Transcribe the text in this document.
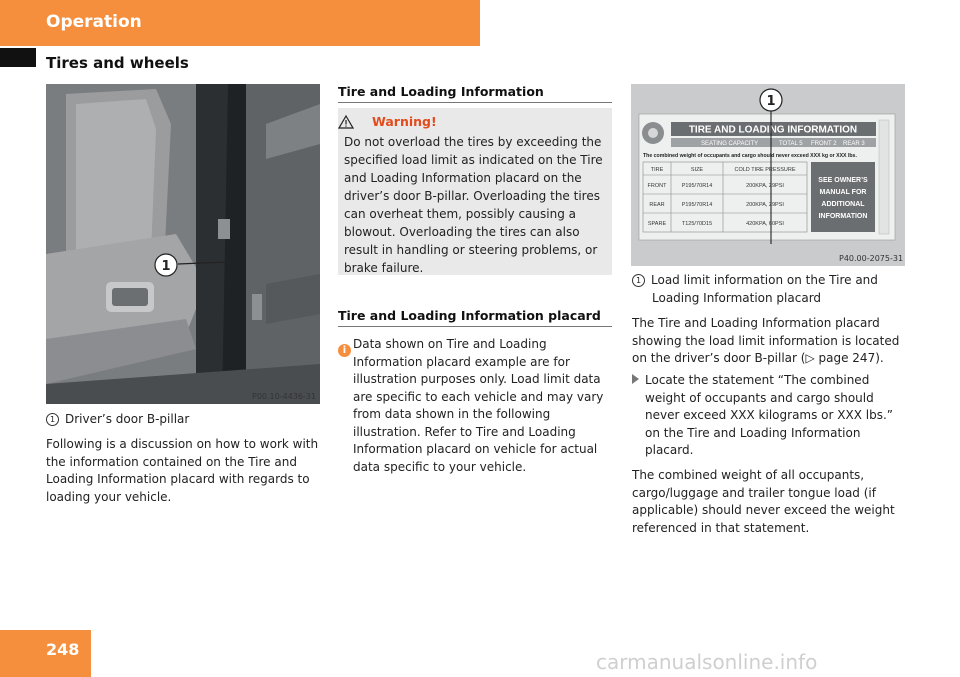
Operation
Tires and wheels
1
P00.10-4436-31
1 Driver’s door B-pillar
Following is a discussion on how to work with
the information contained on the Tire and
Loading Information placard with regards to
loading your vehicle.
Tire and Loading Information
Warning!
Do not overload the tires by exceeding the
specified load limit as indicated on the Tire
and Loading Information placard on the
driver’s door B-pillar. Overloading the tires
can overheat them, possibly causing a
blowout. Overloading the tires can also
result in handling or steering problems, or
brake failure.
Tire and Loading Information placard
i Data shown on Tire and Loading
Information placard example are for
illustration purposes only. Load limit data
are specific to each vehicle and may vary
from data shown in the following
illustration. Refer to Tire and Loading
Information placard on vehicle for actual
data specific to your vehicle.
TIRE AND LOADING INFORMATION
SEATING CAPACITY	TOTAL 5 FRONT 2 REAR 3
The combined weight of occupants and cargo should never exceed XXX kg or XXX lbs.
TIRE	SIZE	COLD TIRE PRESSURE
FRONT	P195/70R14	200KPA, 29PSI
REAR	P195/70R14	200KPA, 29PSI
SPARE	T125/70D15	420KPA, 60PSI
SEE OWNER’S
MANUAL FOR
ADDITIONAL
INFORMATION
1
P40.00-2075-31
1 Load limit information on the Tire and
Loading Information placard
The Tire and Loading Information placard
showing the load limit information is located
on the driver’s door B-pillar (▷ page 247).
Locate the statement “The combined
weight of occupants and cargo should
never exceed XXX kilograms or XXX lbs.”
on the Tire and Loading Information
placard.
The combined weight of all occupants,
cargo/luggage and trailer tongue load (if
applicable) should never exceed the weight
referenced in that statement.
248
carmanualsonline.info
